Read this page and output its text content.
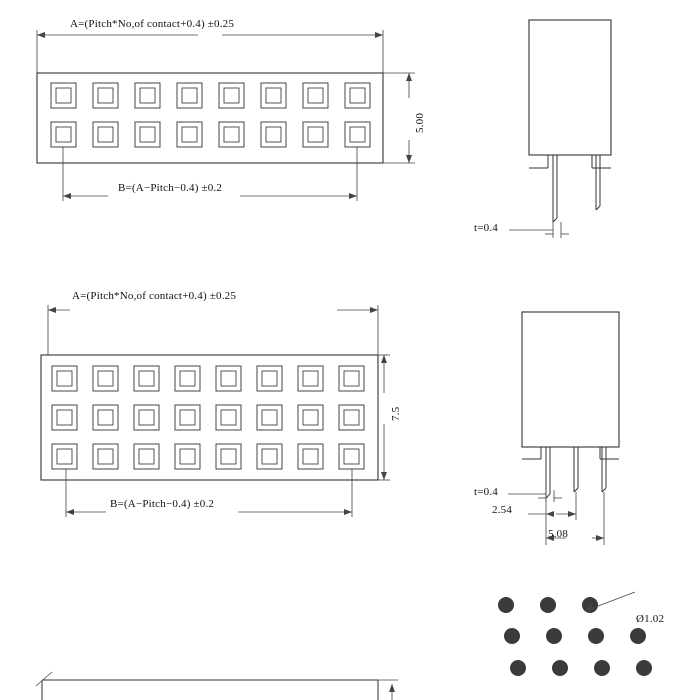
A=(Pitch*No,of contact+0.4) ±0.25
B=(A−Pitch−0.4) ±0.2
5.00
t=0.4
A=(Pitch*No,of contact+0.4) ±0.25
B=(A−Pitch−0.4) ±0.2
7.5
t=0.4
2.54
5.08
Ø1.02
